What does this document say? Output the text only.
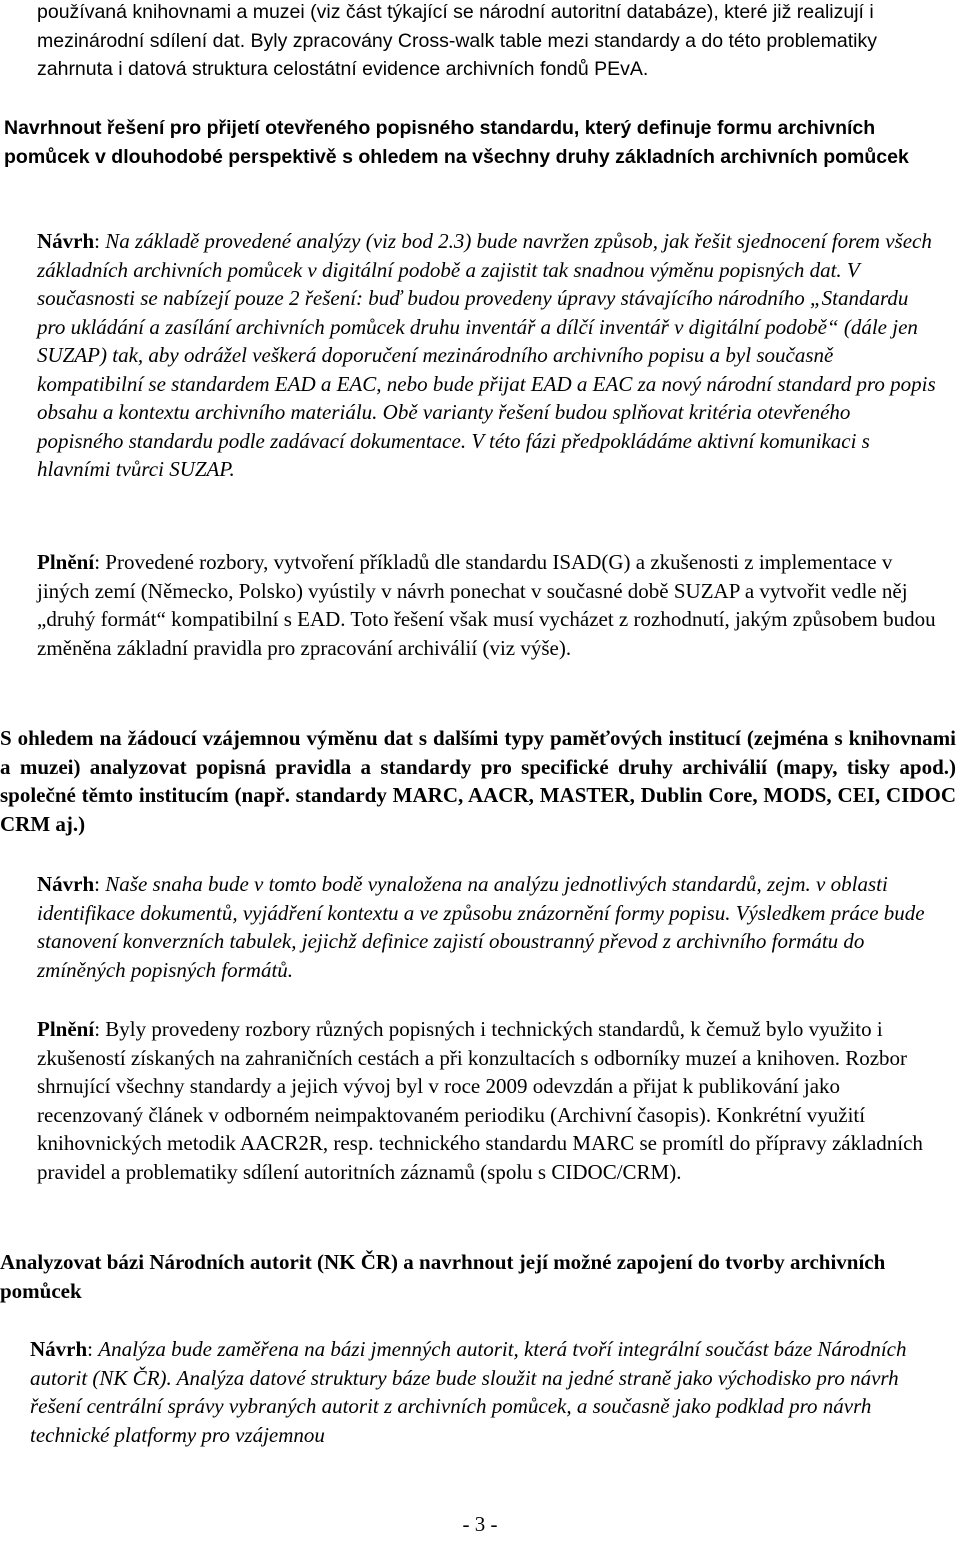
používaná knihovnami a muzei (viz část týkající se národní autoritní databáze), které již realizují i mezinárodní sdílení dat. Byly zpracovány Cross-walk table mezi standardy a do této problematiky zahrnuta i datová struktura celostátní evidence archivních fondů PEvA.

Navrhnout řešení pro přijetí otevřeného popisného standardu, který definuje formu archivních pomůcek v dlouhodobé perspektivě s ohledem na všechny druhy základních archivních pomůcek

Návrh: Na základě provedené analýzy (viz bod 2.3) bude navržen způsob, jak řešit sjednocení forem všech základních archivních pomůcek v digitální podobě a zajistit tak snadnou výměnu popisných dat. V současnosti se nabízejí pouze 2 řešení: buď budou provedeny úpravy stávajícího národního „Standardu pro ukládání a zasílání archivních pomůcek druhu inventář a dílčí inventář v digitální podobě“ (dále jen SUZAP) tak, aby odrážel veškerá doporučení mezinárodního archivního popisu a byl současně kompatibilní se standardem EAD a EAC, nebo bude přijat EAD a EAC za nový národní standard pro popis obsahu a kontextu archivního materiálu. Obě varianty řešení budou splňovat kritéria otevřeného popisného standardu podle zadávací dokumentace. V této fázi předpokládáme aktivní komunikaci s hlavními tvůrci SUZAP.

Plnění: Provedené rozbory, vytvoření příkladů dle standardu ISAD(G) a zkušenosti z implementace v jiných zemí (Německo, Polsko) vyústily v návrh ponechat v současné době SUZAP a vytvořit vedle něj „druhý formát“ kompatibilní s EAD. Toto řešení však musí vycházet z rozhodnutí, jakým způsobem budou změněna základní pravidla pro zpracování archiválií (viz výše).

S ohledem na žádoucí vzájemnou výměnu dat s dalšími typy paměťových institucí (zejména s knihovnami a muzei) analyzovat popisná pravidla a standardy pro specifické druhy archiválií (mapy, tisky apod.) společné těmto institucím (např. standardy MARC, AACR, MASTER, Dublin Core, MODS, CEI, CIDOC CRM aj.)

Návrh: Naše snaha bude v tomto bodě vynaložena na analýzu jednotlivých standardů, zejm. v oblasti identifikace dokumentů, vyjádření kontextu a ve způsobu znázornění formy popisu. Výsledkem práce bude stanovení konverzních tabulek, jejichž definice zajistí oboustranný převod z archivního formátu do zmíněných popisných formátů.

Plnění: Byly provedeny rozbory různých popisných i technických standardů, k čemuž bylo využito i zkušeností získaných na zahraničních cestách a při konzultacích s odborníky muzeí a knihoven. Rozbor shrnující všechny standardy a jejich vývoj byl v roce 2009 odevzdán a přijat k publikování jako recenzovaný článek v odborném neimpaktovaném periodiku (Archivní časopis). Konkrétní využití knihovnických metodik AACR2R, resp. technického standardu MARC se promítl do přípravy základních pravidel a problematiky sdílení autoritních záznamů (spolu s CIDOC/CRM).

Analyzovat bázi Národních autorit (NK ČR) a navrhnout její možné zapojení do tvorby archivních pomůcek

Návrh: Analýza bude zaměřena na bázi jmenných autorit, která tvoří integrální součást báze Národních autorit (NK ČR). Analýza datové struktury báze bude sloužit na jedné straně jako východisko pro návrh řešení centrální správy vybraných autorit z archivních pomůcek, a současně jako podklad pro návrh technické platformy pro vzájemnou

- 3 -
